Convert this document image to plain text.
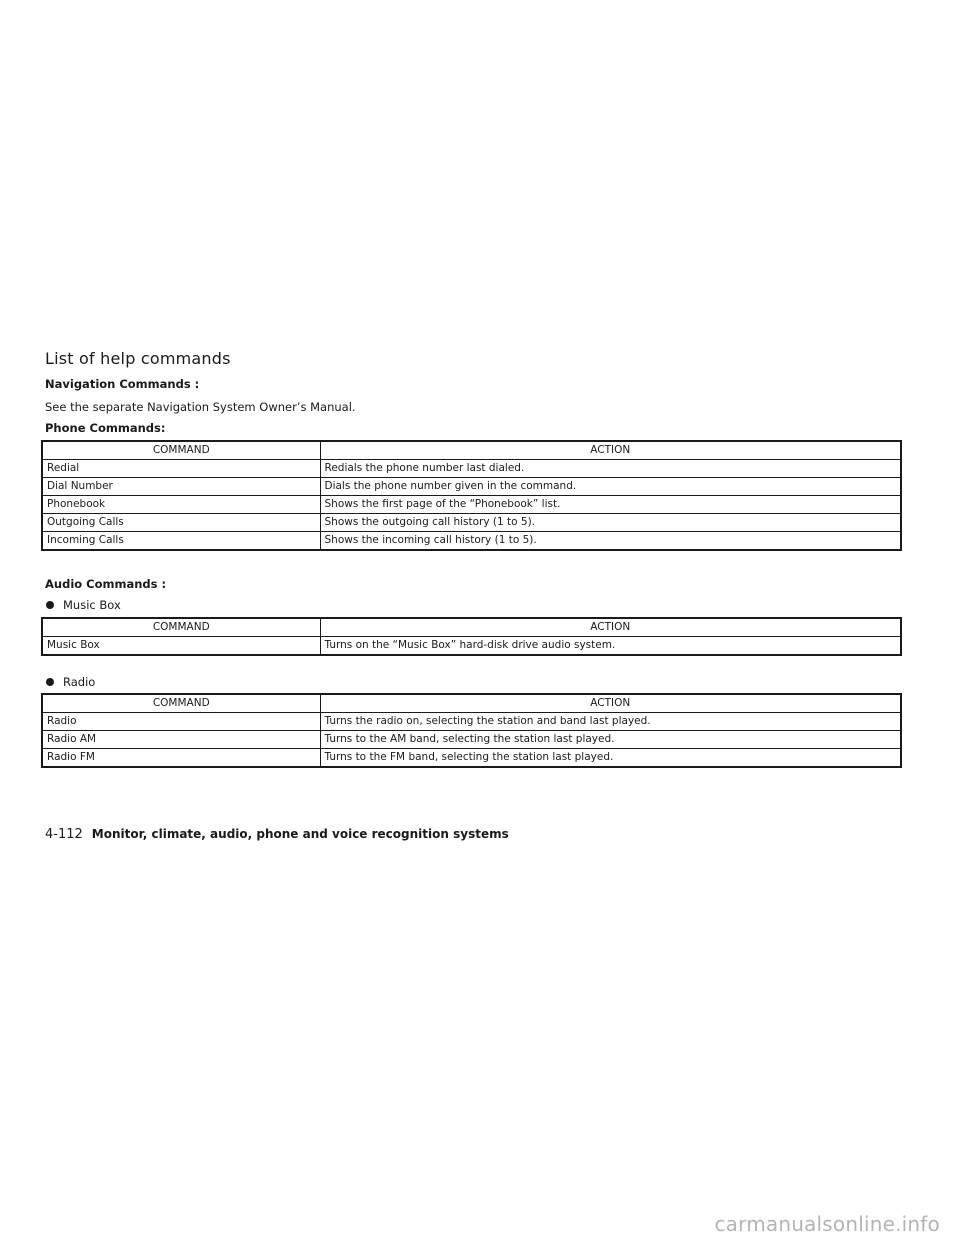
List of help commands

Navigation Commands :

See the separate Navigation System Owner’s Manual.

Phone Commands:

COMMAND	ACTION
Redial	Redials the phone number last dialed.
Dial Number	Dials the phone number given in the command.
Phonebook	Shows the first page of the “Phonebook” list.
Outgoing Calls	Shows the outgoing call history (1 to 5).
Incoming Calls	Shows the incoming call history (1 to 5).

Audio Commands :

Music Box
COMMAND	ACTION
Music Box	Turns on the “Music Box” hard-disk drive audio system.
Radio
COMMAND	ACTION
Radio	Turns the radio on, selecting the station and band last played.
Radio AM	Turns to the AM band, selecting the station last played.
Radio FM	Turns to the FM band, selecting the station last played.
4-112 Monitor, climate, audio, phone and voice recognition systems
carmanualsonline.info
